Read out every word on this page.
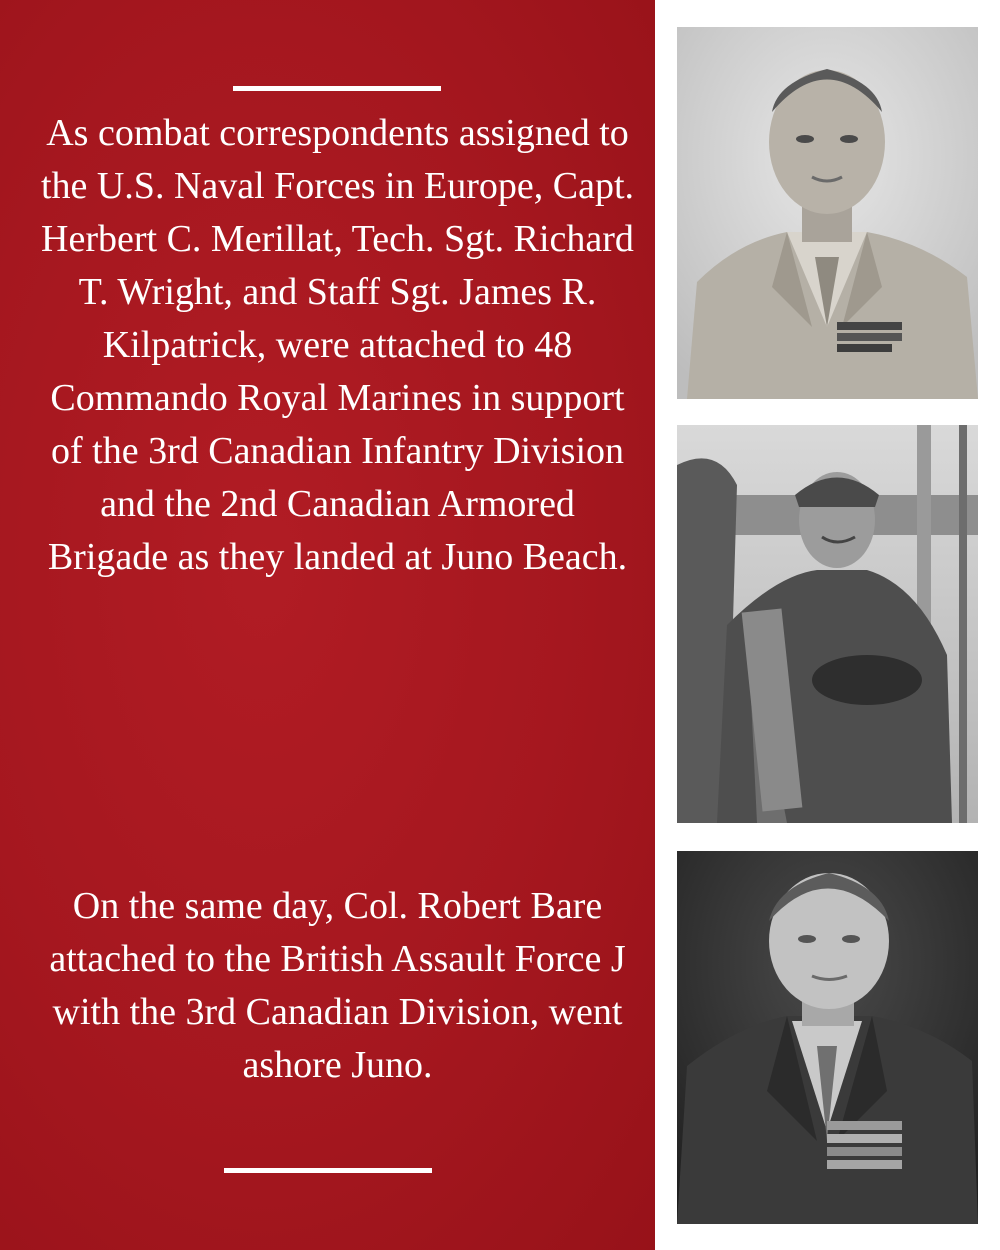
As combat correspondents assigned to the U.S. Naval Forces in Europe, Capt. Herbert C. Merillat, Tech. Sgt. Richard T. Wright, and Staff Sgt. James R. Kilpatrick, were attached to 48 Commando Royal Marines in support of the 3rd Canadian Infantry Division and the 2nd Canadian Armored Brigade as they landed at Juno Beach.

On the same day, Col. Robert Bare attached to the British Assault Force J with the 3rd Canadian Division, went ashore Juno.
